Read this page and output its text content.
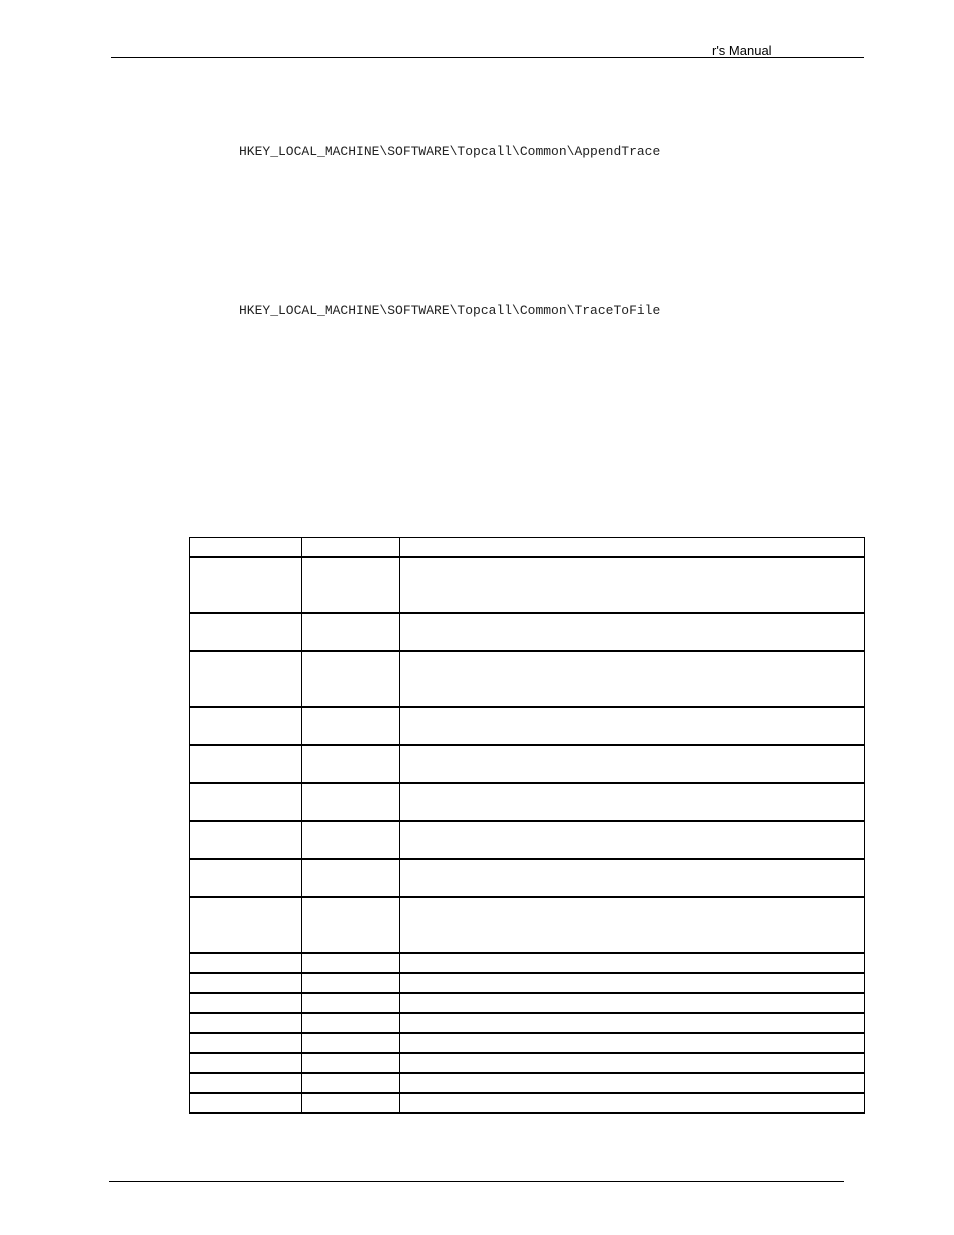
r's Manual
HKEY_LOCAL_MACHINE\SOFTWARE\Topcall\Common\AppendTrace
HKEY_LOCAL_MACHINE\SOFTWARE\Topcall\Common\TraceToFile
